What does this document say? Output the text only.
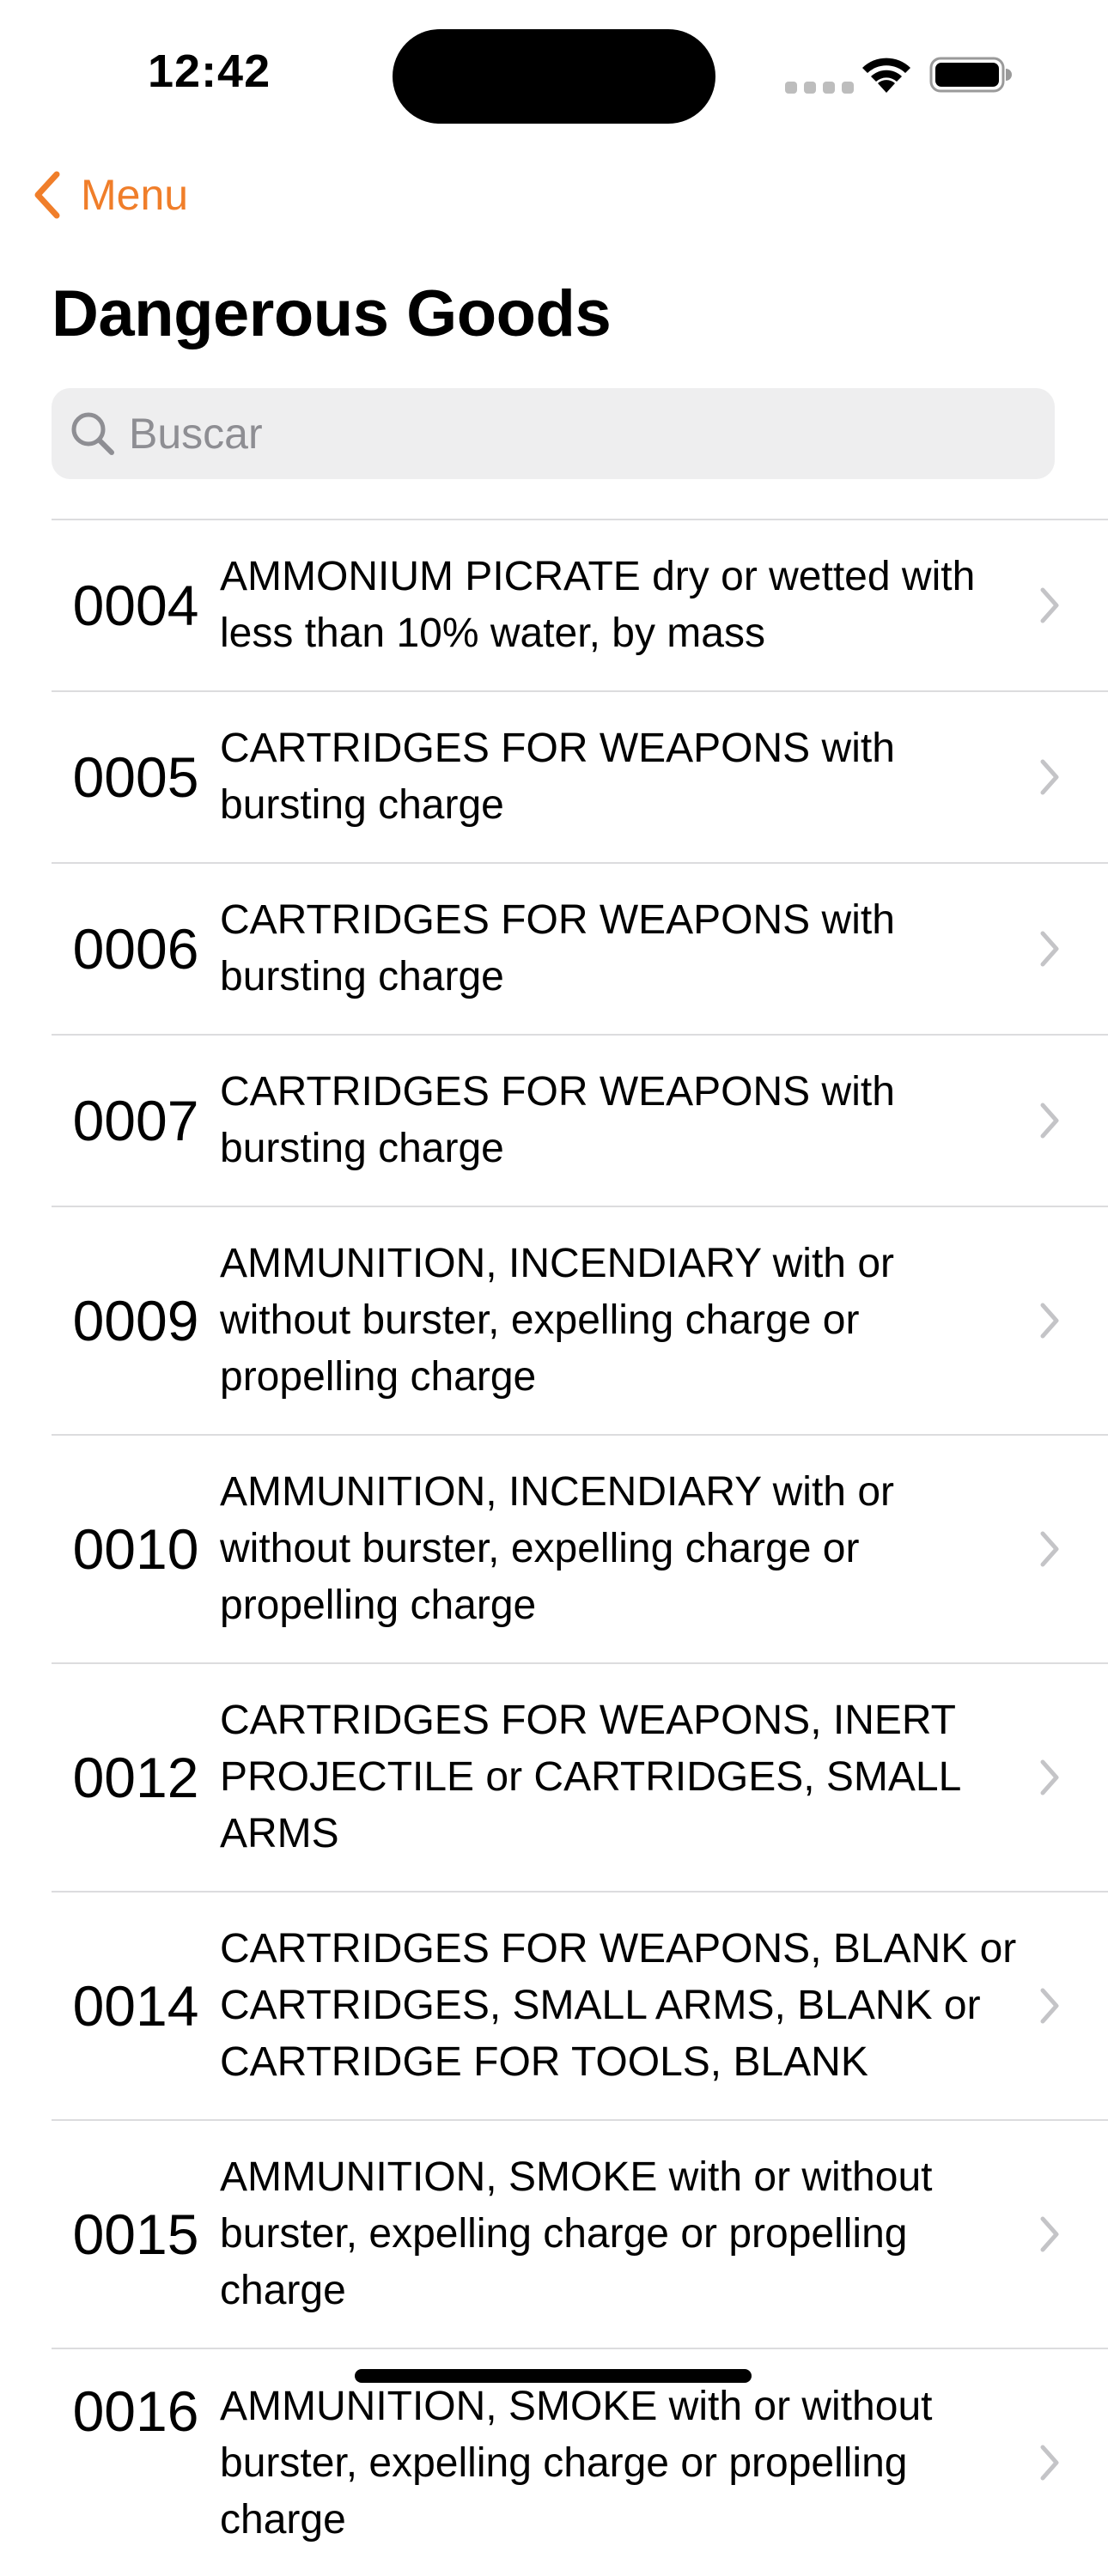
12:42
Menu
Dangerous Goods
Buscar
0004 AMMONIUM PICRATE dry or wetted with less than 10% water, by mass
0005 CARTRIDGES FOR WEAPONS with bursting charge
0006 CARTRIDGES FOR WEAPONS with bursting charge
0007 CARTRIDGES FOR WEAPONS with bursting charge
0009
AMMUNITION, INCENDIARY with or without burster, expelling charge or propelling charge
0010
AMMUNITION, INCENDIARY with or without burster, expelling charge or propelling charge
0012
CARTRIDGES FOR WEAPONS, INERT PROJECTILE or CARTRIDGES, SMALL ARMS
0014
CARTRIDGES FOR WEAPONS, BLANK or CARTRIDGES, SMALL ARMS, BLANK or CARTRIDGE FOR TOOLS, BLANK
0015
AMMUNITION, SMOKE with or without burster, expelling charge or propelling charge
0016 AMMUNITION, SMOKE with or without burster, expelling charge or propelling charge
